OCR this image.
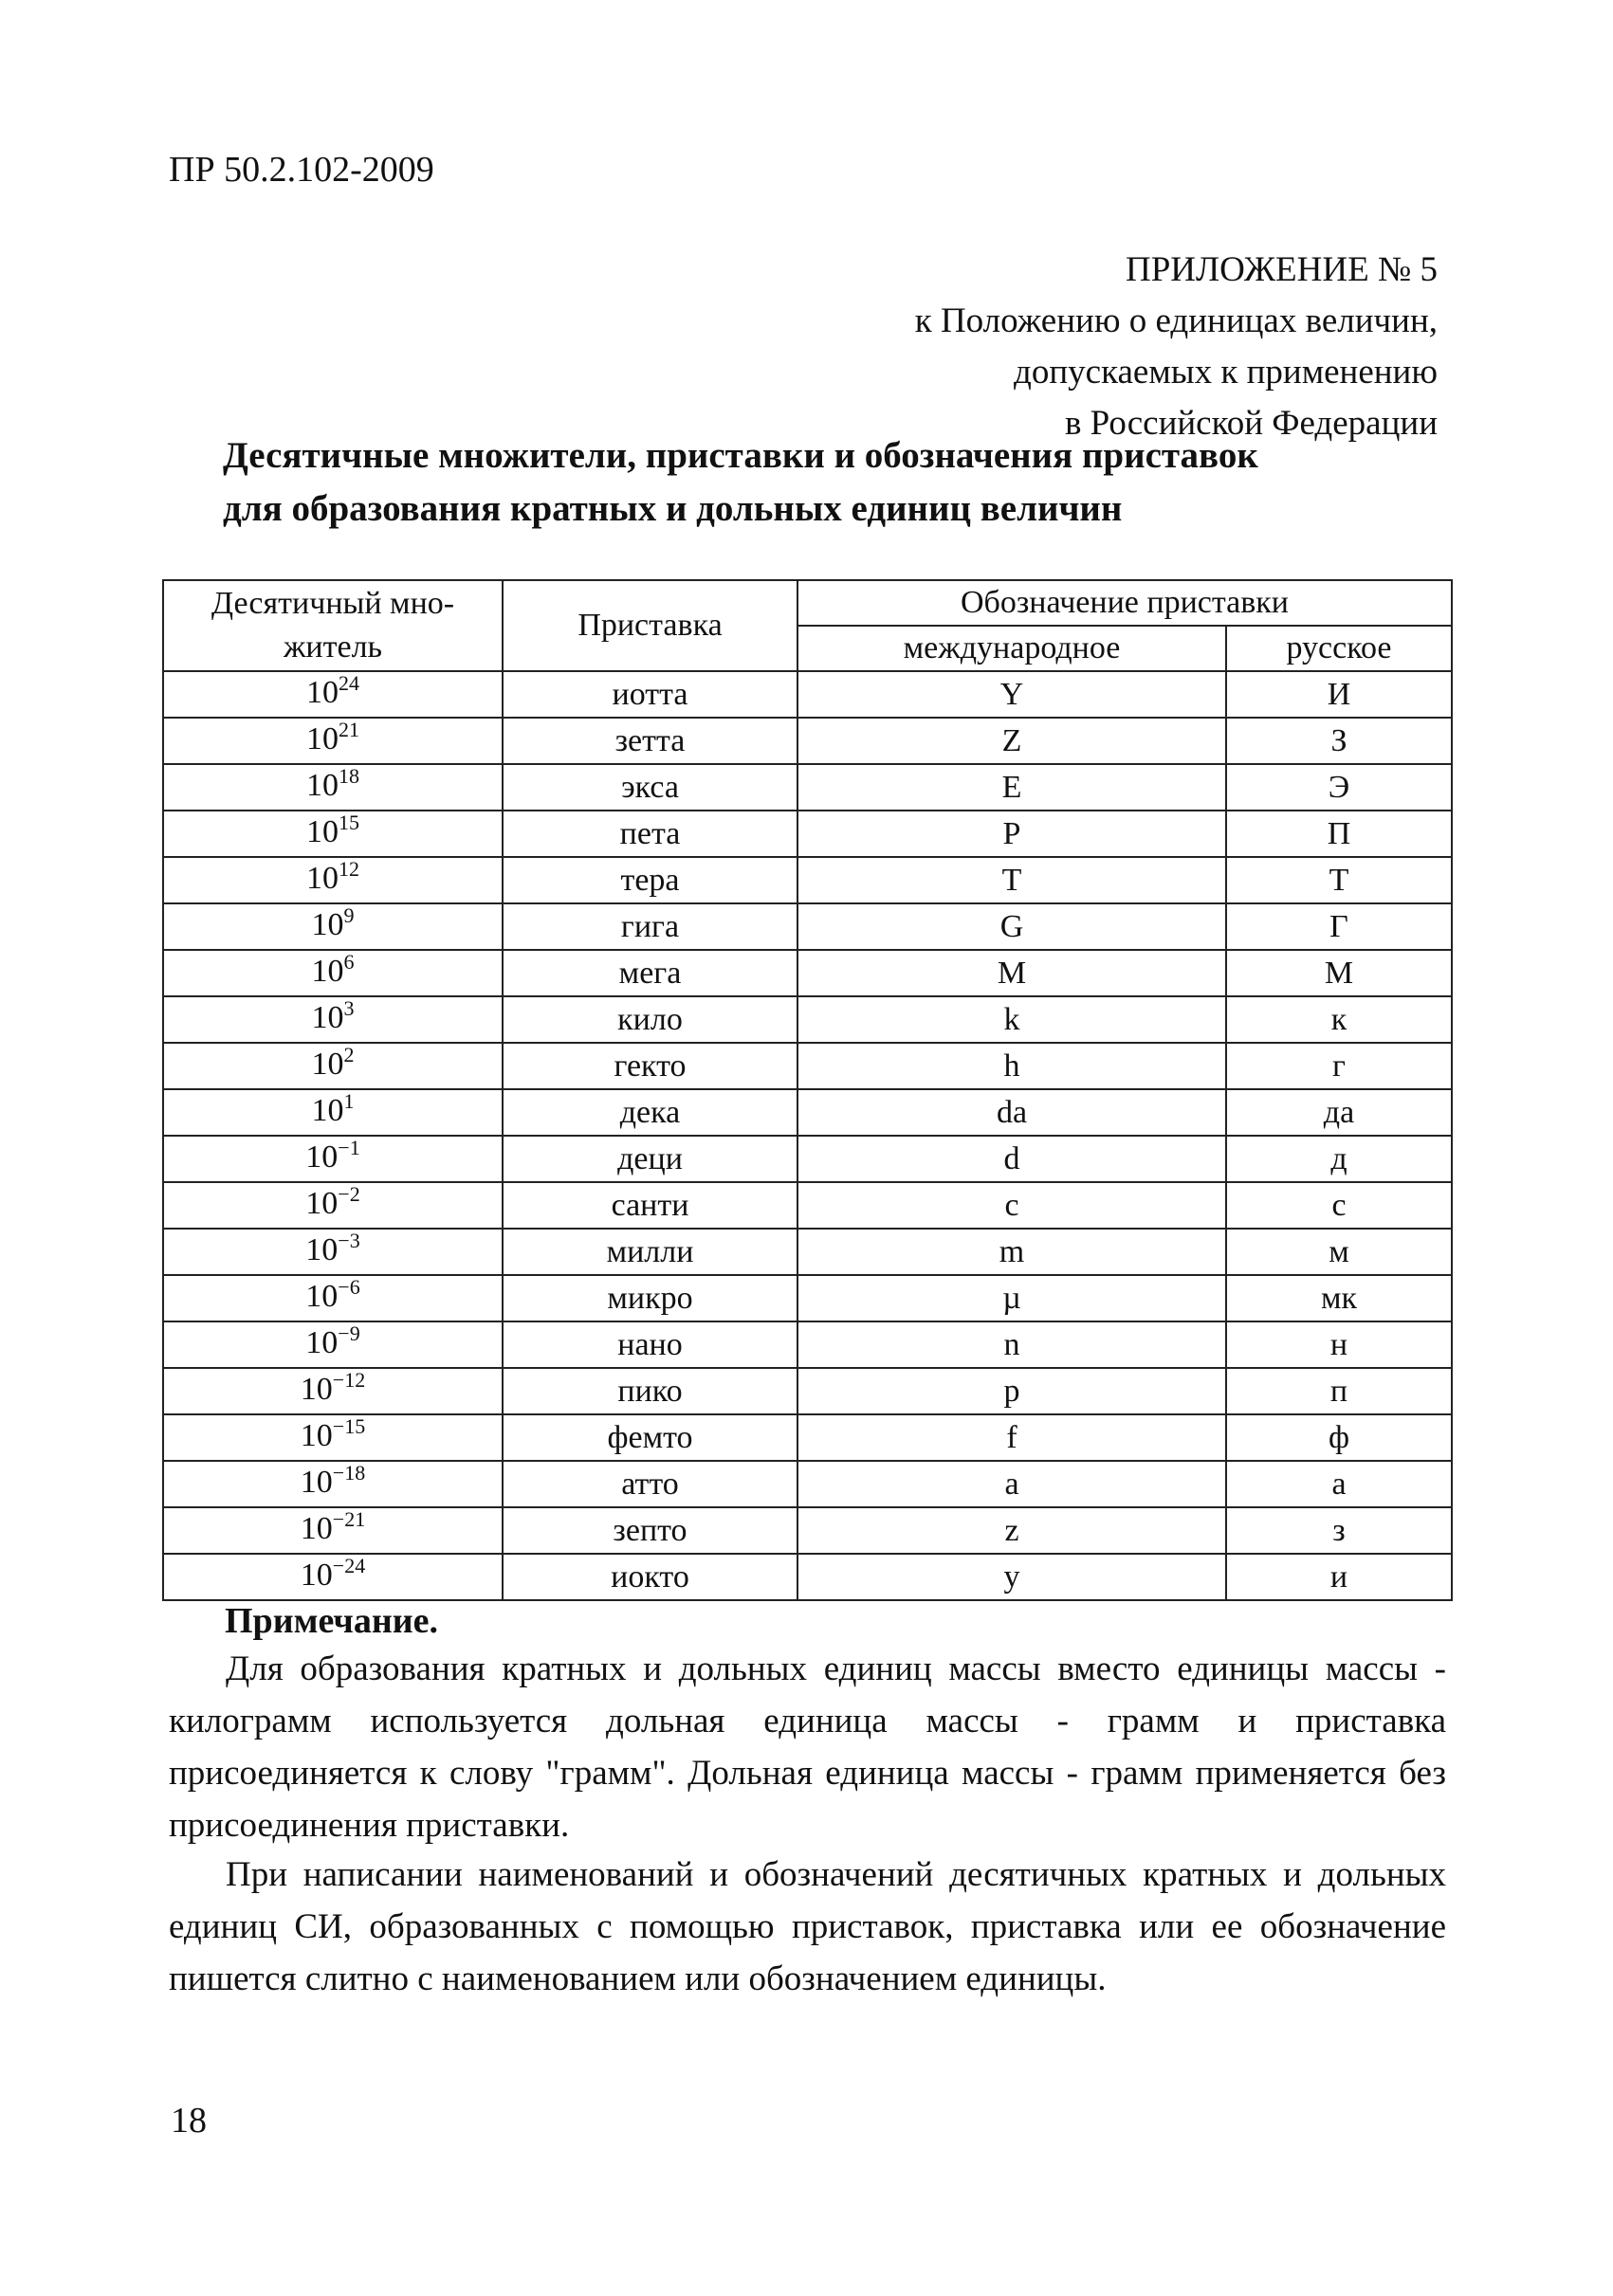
ПР 50.2.102-2009
ПРИЛОЖЕНИЕ № 5
к Положению о единицах величин,
допускаемых к применению
в Российской Федерации
Десятичные множители, приставки и обозначения приставок
для образования кратных и дольных единиц величин
Десятичный мно-житель	Приставка	Обозначение приставки	
		международное	русское
$10^{24}$	иотта	Y	И
$10^{21}$	зетта	Z	З
$10^{18}$	экса	E	Э
$10^{15}$	пета	P	П
$10^{12}$	тера	T	Т
$10^9$	гига	G	Г
$10^6$	мега	M	М
$10^3$	кило	k	к
$10^2$	гекто	h	г
$10^1$	дека	da	да
$10^{-1}$	деци	d	д
$10^{-2}$	санти	c	с
$10^{-3}$	милли	m	м
$10^{-6}$	микро	µ	мк
$10^{-9}$	нано	n	н
$10^{-12}$	пико	p	п
$10^{-15}$	фемто	f	ф
$10^{-18}$	атто	a	а
$10^{-21}$	зепто	z	з
$10^{-24}$	иокто	y	и
Примечание.

Для образования кратных и дольных единиц массы вместо единицы массы - килограмм используется дольная единица массы - грамм и приставка присоединяется к слову "грамм". Дольная единица массы - грамм применяется без присоединения приставки.

При написании наименований и обозначений десятичных кратных и дольных единиц СИ, образованных с помощью приставок, приставка или ее обозначение пишется слитно с наименованием или обозначением единицы.

18
